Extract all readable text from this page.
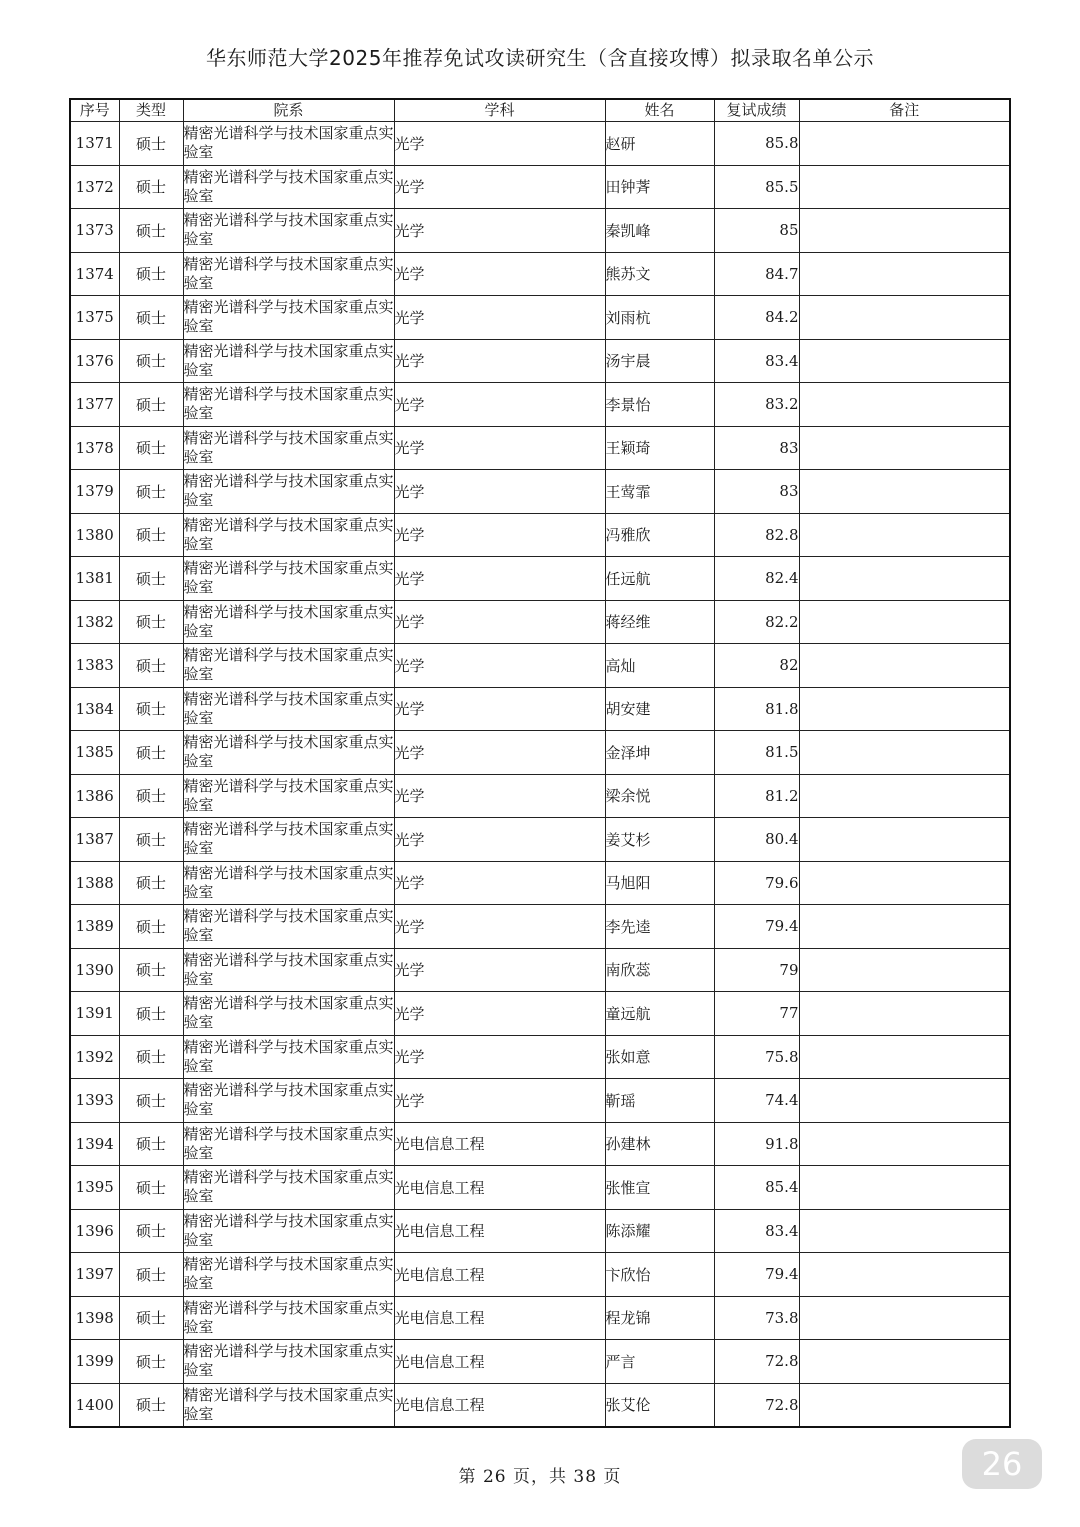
华东师范大学2025年推荐免试攻读研究生（含直接攻博）拟录取名单公示
序号	类型	院系	学科	姓名	复试成绩	备注
1371	硕士	精密光谱科学与技术国家重点实验室	光学	赵研	85.8	
1372	硕士	精密光谱科学与技术国家重点实验室	光学	田钟萕	85.5	
1373	硕士	精密光谱科学与技术国家重点实验室	光学	秦凯峰	85	
1374	硕士	精密光谱科学与技术国家重点实验室	光学	熊苏文	84.7	
1375	硕士	精密光谱科学与技术国家重点实验室	光学	刘雨杭	84.2	
1376	硕士	精密光谱科学与技术国家重点实验室	光学	汤宇晨	83.4	
1377	硕士	精密光谱科学与技术国家重点实验室	光学	李景怡	83.2	
1378	硕士	精密光谱科学与技术国家重点实验室	光学	王颖琦	83	
1379	硕士	精密光谱科学与技术国家重点实验室	光学	王莺霏	83	
1380	硕士	精密光谱科学与技术国家重点实验室	光学	冯雅欣	82.8	
1381	硕士	精密光谱科学与技术国家重点实验室	光学	任远航	82.4	
1382	硕士	精密光谱科学与技术国家重点实验室	光学	蒋经维	82.2	
1383	硕士	精密光谱科学与技术国家重点实验室	光学	高灿	82	
1384	硕士	精密光谱科学与技术国家重点实验室	光学	胡安建	81.8	
1385	硕士	精密光谱科学与技术国家重点实验室	光学	金泽坤	81.5	
1386	硕士	精密光谱科学与技术国家重点实验室	光学	梁余悦	81.2	
1387	硕士	精密光谱科学与技术国家重点实验室	光学	姜艾杉	80.4	
1388	硕士	精密光谱科学与技术国家重点实验室	光学	马旭阳	79.6	
1389	硕士	精密光谱科学与技术国家重点实验室	光学	李先逵	79.4	
1390	硕士	精密光谱科学与技术国家重点实验室	光学	南欣蕊	79	
1391	硕士	精密光谱科学与技术国家重点实验室	光学	童远航	77	
1392	硕士	精密光谱科学与技术国家重点实验室	光学	张如意	75.8	
1393	硕士	精密光谱科学与技术国家重点实验室	光学	靳瑶	74.4	
1394	硕士	精密光谱科学与技术国家重点实验室	光电信息工程	孙建林	91.8	
1395	硕士	精密光谱科学与技术国家重点实验室	光电信息工程	张惟宣	85.4	
1396	硕士	精密光谱科学与技术国家重点实验室	光电信息工程	陈添耀	83.4	
1397	硕士	精密光谱科学与技术国家重点实验室	光电信息工程	卞欣怡	79.4	
1398	硕士	精密光谱科学与技术国家重点实验室	光电信息工程	程龙锦	73.8	
1399	硕士	精密光谱科学与技术国家重点实验室	光电信息工程	严言	72.8	
1400	硕士	精密光谱科学与技术国家重点实验室	光电信息工程	张艾伦	72.8	
第 26 页，共 38 页	26
